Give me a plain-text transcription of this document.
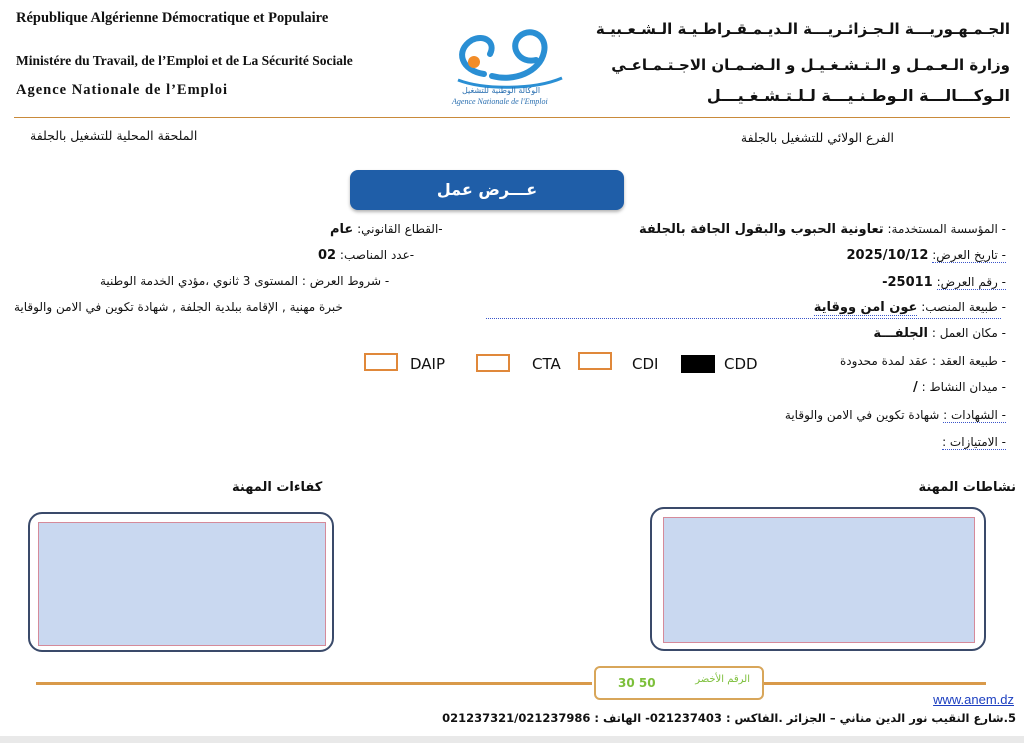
République Algérienne Démocratique et Populaire
Ministére du Travail, de l’Emploi et de La Sécurité Sociale
Agence Nationale de l’Emploi	الوكالة الوطنية للتشغيل
Agence Nationale de l'Emploi
الجـمـهـوريـــة الـجـزائـريـــة الـديـمـقـراطـيـة الـشـعـبيـة
وزارة الـعـمـل و الـتـشـغـيـل و الـضـمـان الاجـتـمـاعـي
الـوكـــالـــة الـوطـنـيـــة لـلـتـشـغـيـــل
الفرع الولائي للتشغيل بالجلفة
الملحقة المحلية للتشغيل بالجلفة
عـــرض عمل
- المؤسسة المستخدمة: تعاونية الحبوب والبقول الجافة بالجلفة
- تاريخ العرض: 2025/10/12
- رقم العرض: 25011-
- طبيعة المنصب: عون امن ووقاية
- مكان العمل : الجلفـــة
- طبيعة العقد : عقد لمدة محدودة
- ميدان النشاط : /
- الشهادات : شهادة تكوين في الامن والوقاية
- الامتيازات :
-القطاع القانوني: عام
-عدد المناصب: 02
- شروط العرض : المستوى 3 ثانوي ،مؤدي الخدمة الوطنية
خبرة مهنية , الإقامة ببلدية الجلفة , شهادة تكوين في الامن والوقاية
CDD
CDI
CTA
DAIP
نشاطات المهنة
كفاءات المهنة
الرقم الأخضر
30 50
www.anem.dz
5.شارع النقيب نور الدين مناني – الجزائر .الفاكس : 021237403- الهاتف : 021237321/021237986
